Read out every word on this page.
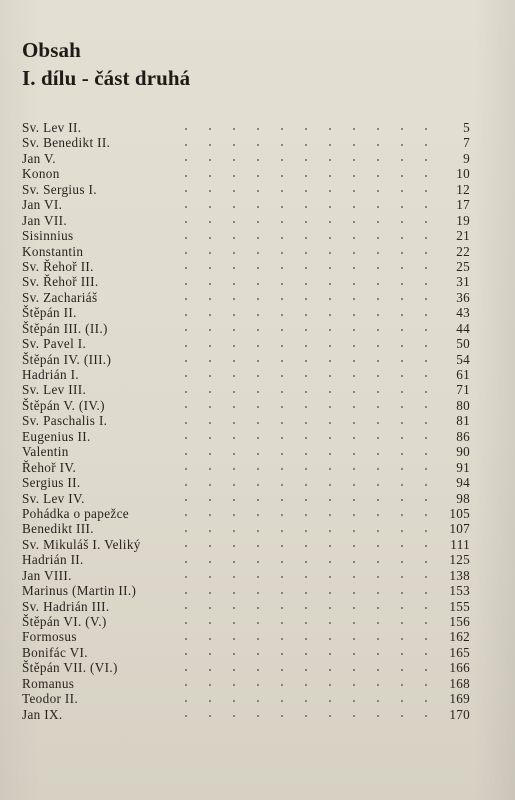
Obsah
I. dílu - část druhá
Sv. Lev II.	5
Sv. Benedikt II.	7
Jan V.	9
Konon	10
Sv. Sergius I.	12
Jan VI.	17
Jan VII.	19
Sisinnius	21
Konstantin	22
Sv. Řehoř II.	25
Sv. Řehoř III.	31
Sv. Zachariáš	36
Štěpán II.	43
Štěpán III. (II.)	44
Sv. Pavel I.	50
Štěpán IV. (III.)	54
Hadrián I.	61
Sv. Lev III.	71
Štěpán V. (IV.)	80
Sv. Paschalis I.	81
Eugenius II.	86
Valentin	90
Řehoř IV.	91
Sergius II.	94
Sv. Lev IV.	98
Pohádka o papežce	105
Benedikt III.	107
Sv. Mikuláš I. Veliký	111
Hadrián II.	125
Jan VIII.	138
Marinus (Martin II.)	153
Sv. Hadrián III.	155
Štěpán VI. (V.)	156
Formosus	162
Bonifác VI.	165
Štěpán VII. (VI.)	166
Romanus	168
Teodor II.	169
Jan IX.	170
